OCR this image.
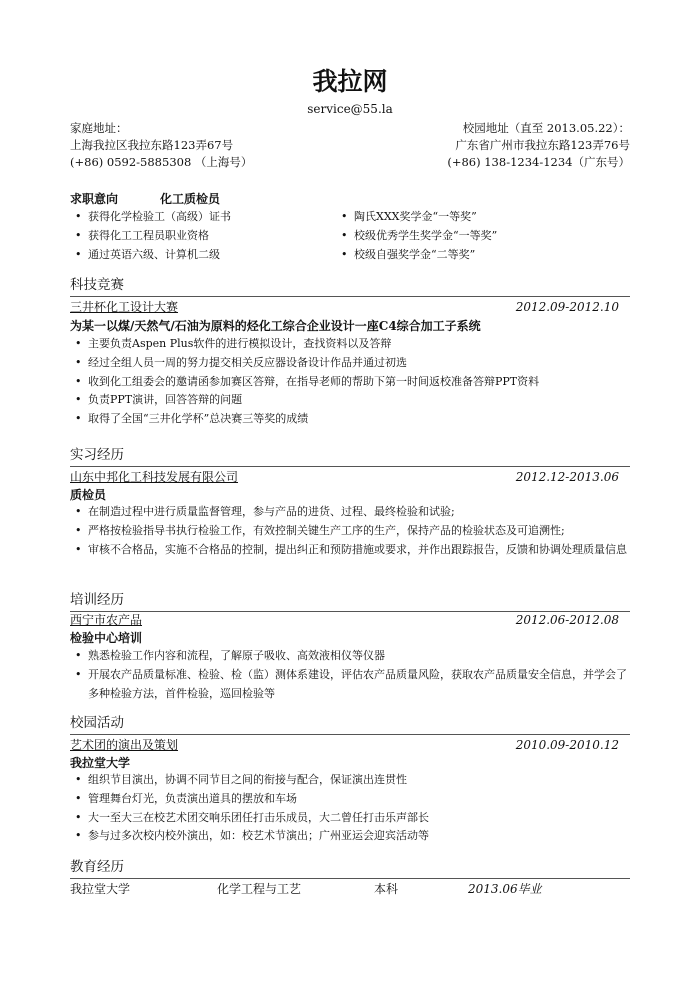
我拉网
service@55.la
家庭地址：
上海我拉区我拉东路123弄67号
(+86) 0592-5885308 （上海号）
校园地址（直至 2013.05.22）：
广东省广州市我拉东路123弄76号
(+86) 138-1234-1234（广东号）
求职意向	化工质检员
• 获得化学检验工（高级）证书
• 获得化工工程员职业资格
• 通过英语六级、计算机二级
• 陶氏XXX奖学金“一等奖”
• 校级优秀学生奖学金“一等奖”
• 校级自强奖学金“二等奖”
科技竞赛
三井杯化工设计大赛	2012.09-2012.10
为某一以煤/天然气/石油为原料的烃化工综合企业设计一座C4综合加工子系统
• 主要负责Aspen Plus软件的进行模拟设计，查找资料以及答辩
• 经过全组人员一周的努力提交相关反应器设备设计作品并通过初选
• 收到化工组委会的邀请函参加赛区答辩，在指导老师的帮助下第一时间返校准备答辩PPT资料
• 负责PPT演讲，回答答辩的问题
• 取得了全国“三井化学杯”总决赛三等奖的成绩
实习经历
山东中邦化工科技发展有限公司	2012.12-2013.06
质检员
• 在制造过程中进行质量监督管理，参与产品的进货、过程、最终检验和试验;
• 严格按检验指导书执行检验工作，有效控制关键生产工序的生产，保持产品的检验状态及可追溯性;
• 审核不合格品，实施不合格品的控制，提出纠正和预防措施或要求，并作出跟踪报告，反馈和协调处理质量信息
培训经历
西宁市农产品	2012.06-2012.08
检验中心培训
• 熟悉检验工作内容和流程，了解原子吸收、高效液相仪等仪器
• 开展农产品质量标准、检验、检（监）测体系建设，评估农产品质量风险，获取农产品质量安全信息，并学会了多种检验方法，首件检验，巡回检验等
校园活动
艺术团的演出及策划	2010.09-2010.12
我拉堂大学
• 组织节目演出，协调不同节目之间的衔接与配合，保证演出连贯性
• 管理舞台灯光，负责演出道具的摆放和车场
• 大一至大三在校艺术团交响乐团任打击乐成员，大二曾任打击乐声部长
• 参与过多次校内校外演出，如：校艺术节演出；广州亚运会迎宾活动等
教育经历
我拉堂大学	化学工程与工艺	本科	2013.06毕业
